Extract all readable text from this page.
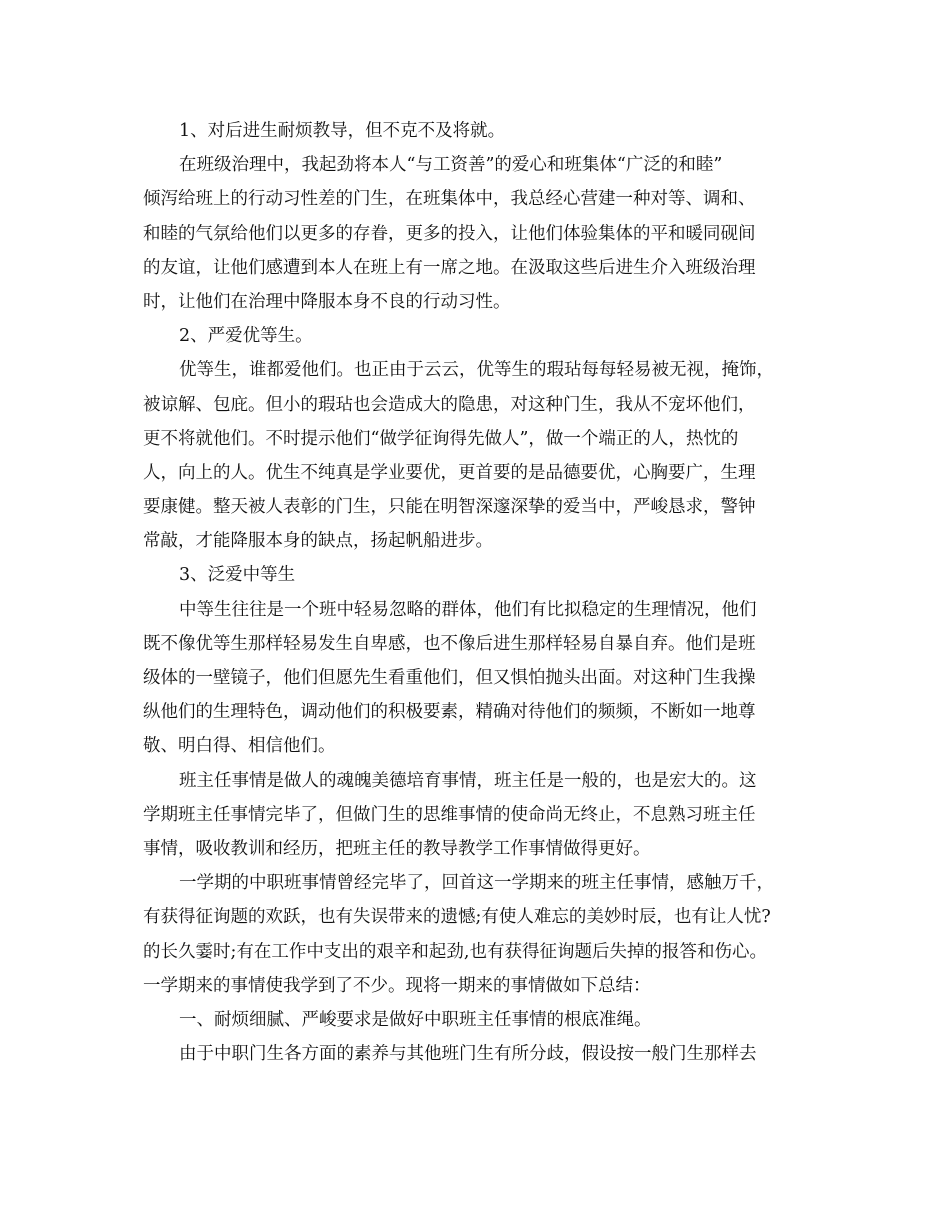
1、对后进生耐烦教导，但不克不及将就。
在班级治理中，我起劲将本人“与工资善”的爱心和班集体“广泛的和睦”
倾泻给班上的行动习性差的门生，在班集体中，我总经心营建一种对等、调和、
和睦的气氛给他们以更多的存眷，更多的投入，让他们体验集体的平和暖同砚间
的友谊，让他们感遭到本人在班上有一席之地。在汲取这些后进生介入班级治理
时，让他们在治理中降服本身不良的行动习性。
2、严爱优等生。
优等生，谁都爱他们。也正由于云云，优等生的瑕玷每每轻易被无视，掩饰，
被谅解、包庇。但小的瑕玷也会造成大的隐患，对这种门生，我从不宠坏他们，
更不将就他们。不时提示他们“做学征询得先做人”，做一个端正的人，热忱的
人，向上的人。优生不纯真是学业要优，更首要的是品德要优，心胸要广，生理
要康健。整天被人表彰的门生，只能在明智深邃深挚的爱当中，严峻恳求，警钟
常敲，才能降服本身的缺点，扬起帆船进步。
3、泛爱中等生
中等生往往是一个班中轻易忽略的群体，他们有比拟稳定的生理情况，他们
既不像优等生那样轻易发生自卑感，也不像后进生那样轻易自暴自弃。他们是班
级体的一壁镜子，他们但愿先生看重他们，但又惧怕抛头出面。对这种门生我操
纵他们的生理特色，调动他们的积极要素，精确对待他们的频频，不断如一地尊
敬、明白得、相信他们。
班主任事情是做人的魂魄美德培育事情，班主任是一般的，也是宏大的。这
学期班主任事情完毕了，但做门生的思维事情的使命尚无终止，不息熟习班主任
事情，吸收教训和经历，把班主任的教导教学工作事情做得更好。
一学期的中职班事情曾经完毕了，回首这一学期来的班主任事情，感触万千，
有获得征询题的欢跃，也有失误带来的遗憾;有使人难忘的美妙时辰，也有让人忧?
的长久霎时;有在工作中支出的艰辛和起劲,也有获得征询题后失掉的报答和伤心。
一学期来的事情使我学到了不少。现将一期来的事情做如下总结：
一、耐烦细腻、严峻要求是做好中职班主任事情的根底准绳。
由于中职门生各方面的素养与其他班门生有所分歧，假设按一般门生那样去
